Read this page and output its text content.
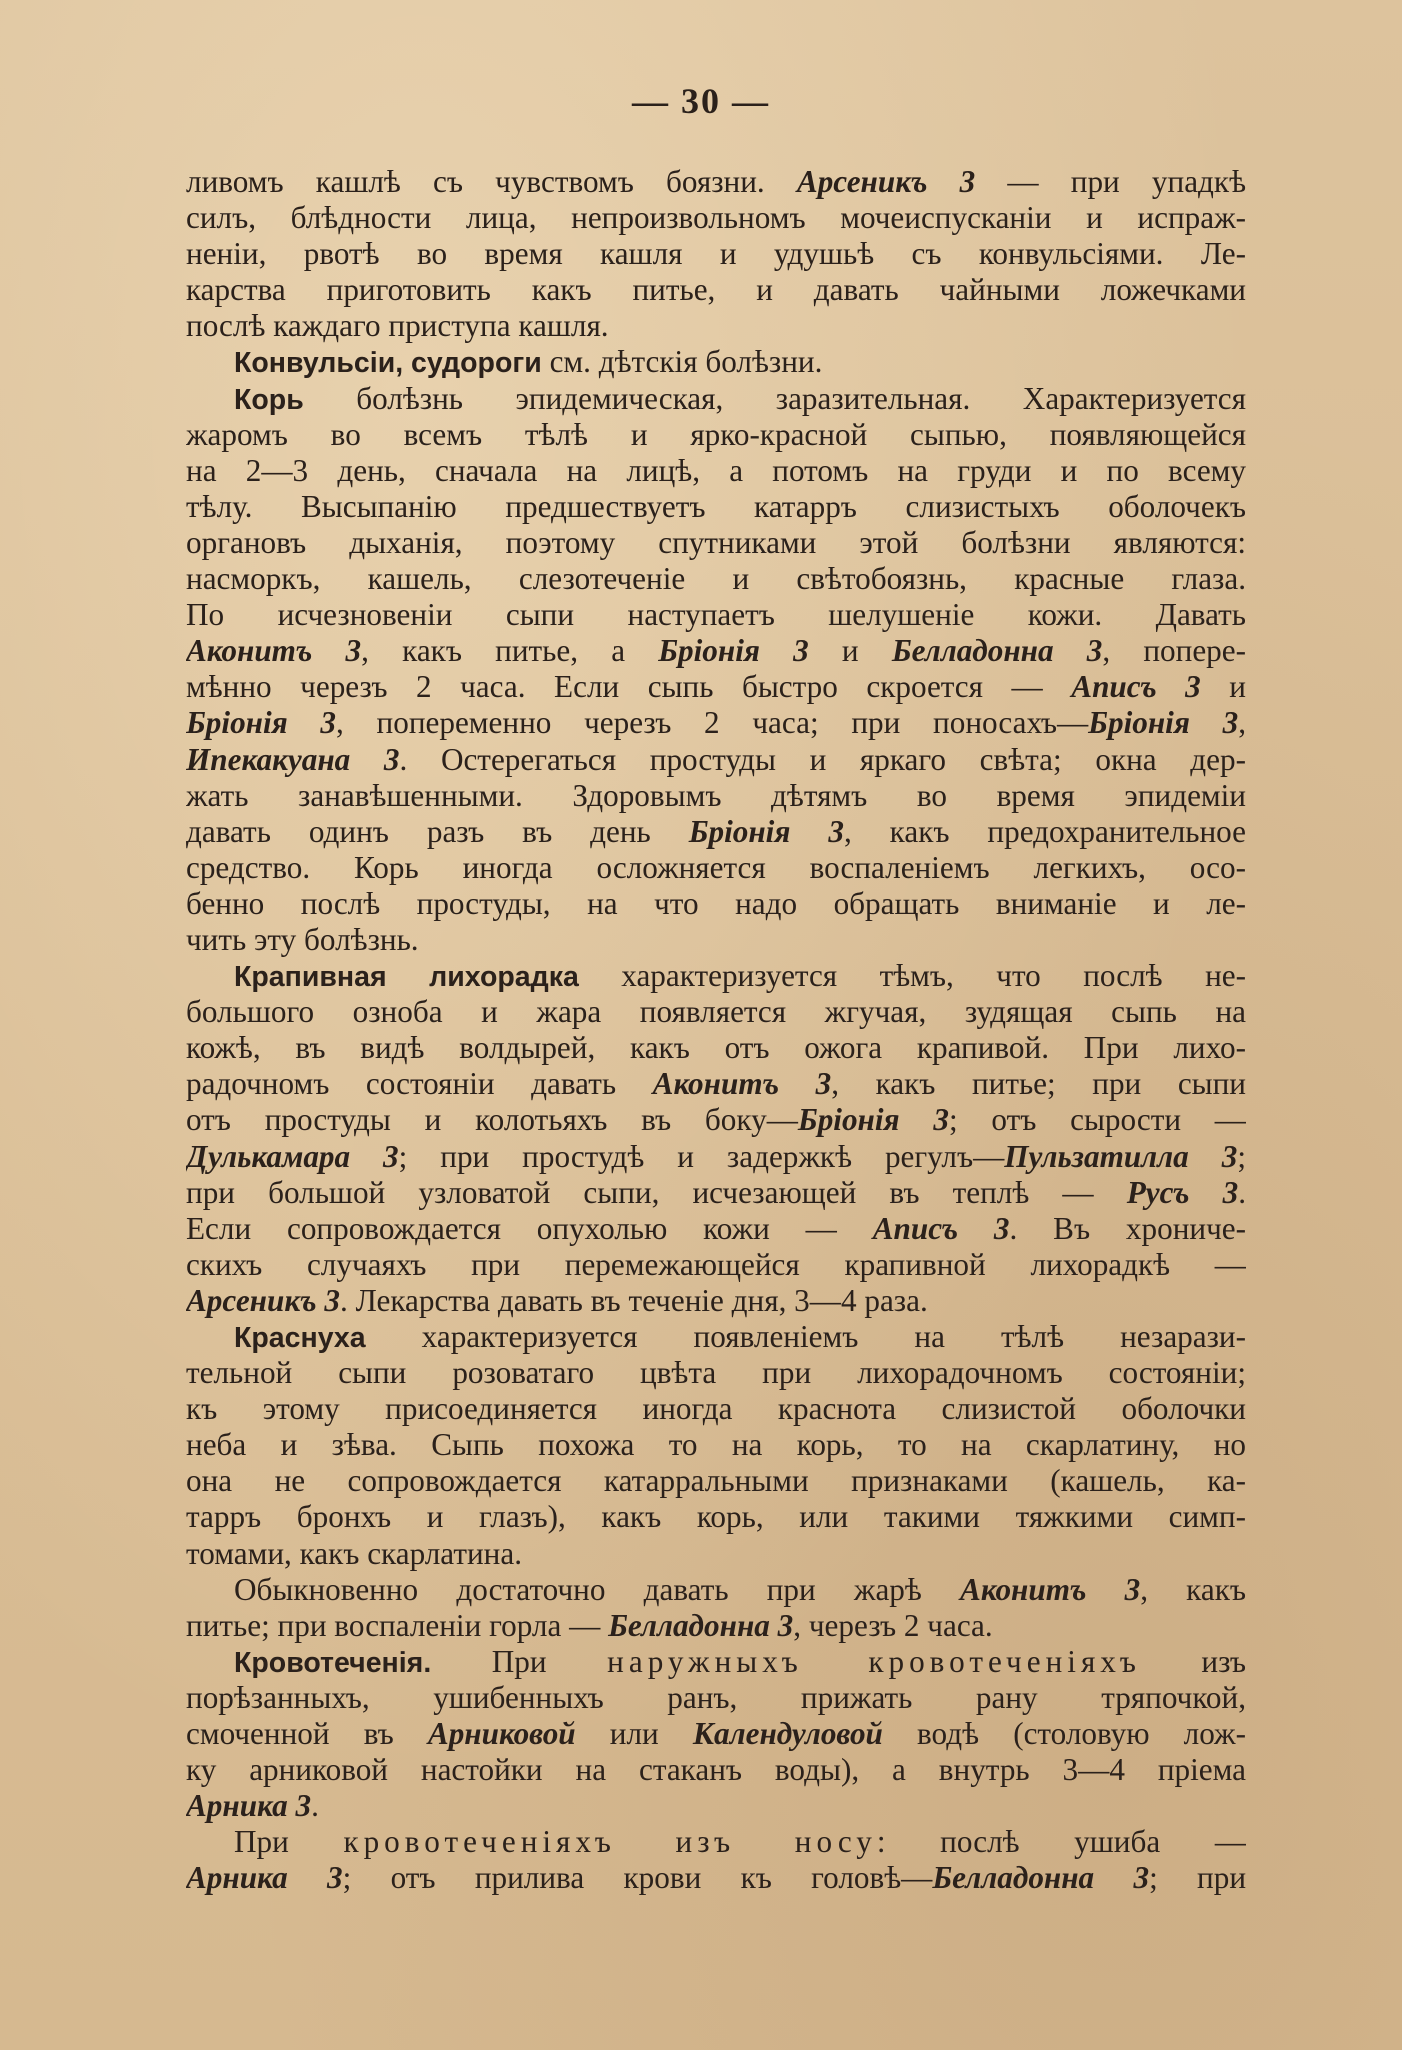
— 30 —
ливомъ кашлѣ съ чувствомъ боязни. Арсеникъ 3 — при упадкѣ
силъ, блѣдности лица, непроизвольномъ мочеиспусканіи и испраж-
неніи, рвотѣ во время кашля и удушьѣ съ конвульсіями. Ле-
карства приготовить какъ питье, и давать чайными ложечками
послѣ каждаго приступа кашля.
Конвульсіи, судороги см. дѣтскія болѣзни.
Корь болѣзнь эпидемическая, заразительная. Характеризуется
жаромъ во всемъ тѣлѣ и ярко-красной сыпью, появляющейся
на 2—3 день, сначала на лицѣ, а потомъ на груди и по всему
тѣлу. Высыпанію предшествуетъ катарръ слизистыхъ оболочекъ
органовъ дыханія, поэтому спутниками этой болѣзни являются:
насморкъ, кашель, слезотеченіе и свѣтобоязнь, красные глаза.
По исчезновеніи сыпи наступаетъ шелушеніе кожи. Давать
Аконитъ 3, какъ питье, а Бріонія 3 и Белладонна 3, попере-
мѣнно черезъ 2 часа. Если сыпь быстро скроется — Аписъ 3 и
Бріонія 3, попеременно черезъ 2 часа; при поносахъ—Бріонія 3,
Ипекакуана 3. Остерегаться простуды и яркаго свѣта; окна дер-
жать занавѣшенными. Здоровымъ дѣтямъ во время эпидеміи
давать одинъ разъ въ день Бріонія 3, какъ предохранительное
средство. Корь иногда осложняется воспаленіемъ легкихъ, осо-
бенно послѣ простуды, на что надо обращать вниманіе и ле-
чить эту болѣзнь.
Крапивная лихорадка характеризуется тѣмъ, что послѣ не-
большого озноба и жара появляется жгучая, зудящая сыпь на
кожѣ, въ видѣ волдырей, какъ отъ ожога крапивой. При лихо-
радочномъ состояніи давать Аконитъ 3, какъ питье; при сыпи
отъ простуды и колотьяхъ въ боку—Бріонія 3; отъ сырости —
Дулькамара 3; при простудѣ и задержкѣ регулъ—Пульзатилла 3;
при большой узловатой сыпи, исчезающей въ теплѣ — Русъ 3.
Если сопровождается опухолью кожи — Аписъ 3. Въ хрониче-
скихъ случаяхъ при перемежающейся крапивной лихорадкѣ —
Арсеникъ 3. Лекарства давать въ теченіе дня, 3—4 раза.
Краснуха характеризуется появленіемъ на тѣлѣ незарази-
тельной сыпи розоватаго цвѣта при лихорадочномъ состояніи;
къ этому присоединяется иногда краснота слизистой оболочки
неба и зѣва. Сыпь похожа то на корь, то на скарлатину, но
она не сопровождается катарральными признаками (кашель, ка-
тарръ бронхъ и глазъ), какъ корь, или такими тяжкими симп-
томами, какъ скарлатина.
Обыкновенно достаточно давать при жарѣ Аконитъ 3, какъ
питье; при воспаленіи горла — Белладонна 3, черезъ 2 часа.
Кровотеченія. При наружныхъ кровотеченіяхъ изъ
порѣзанныхъ, ушибенныхъ ранъ, прижать рану тряпочкой,
смоченной въ Арниковой или Календуловой водѣ (столовую лож-
ку арниковой настойки на стаканъ воды), а внутрь 3—4 пріема
Арника 3.
При кровотеченіяхъ изъ носу: послѣ ушиба —
Арника 3; отъ прилива крови къ головѣ—Белладонна 3; при
